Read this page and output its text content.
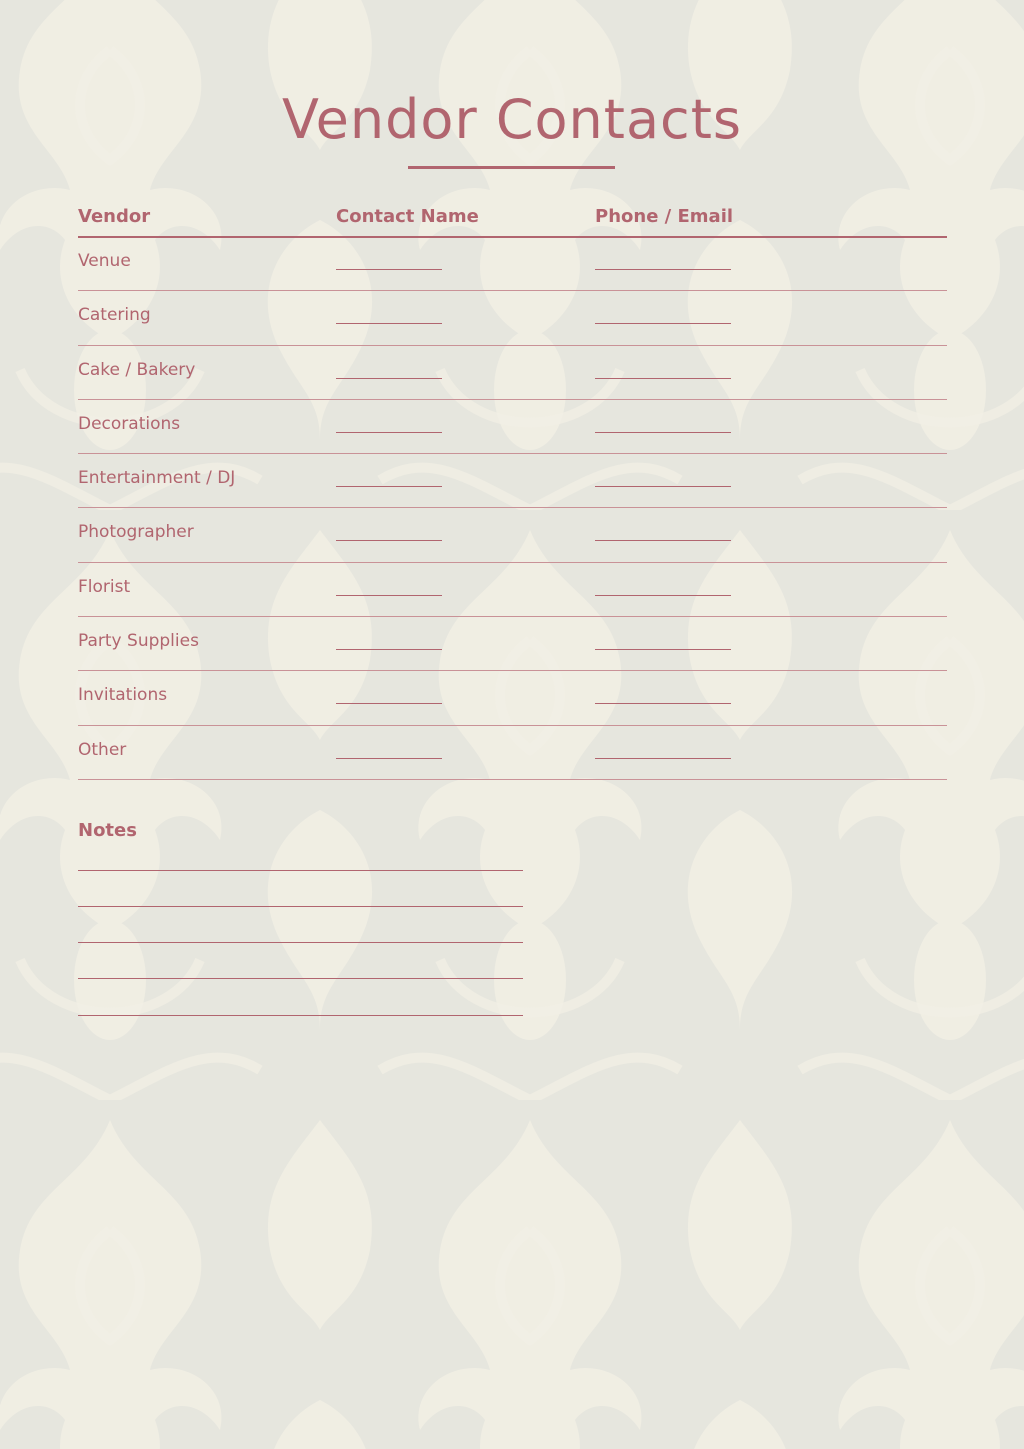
Vendor Contacts
Vendor	Contact Name	Phone / Email
Venue
Catering
Cake / Bakery
Decorations
Entertainment / DJ
Photographer
Florist
Party Supplies
Invitations
Other
Notes
